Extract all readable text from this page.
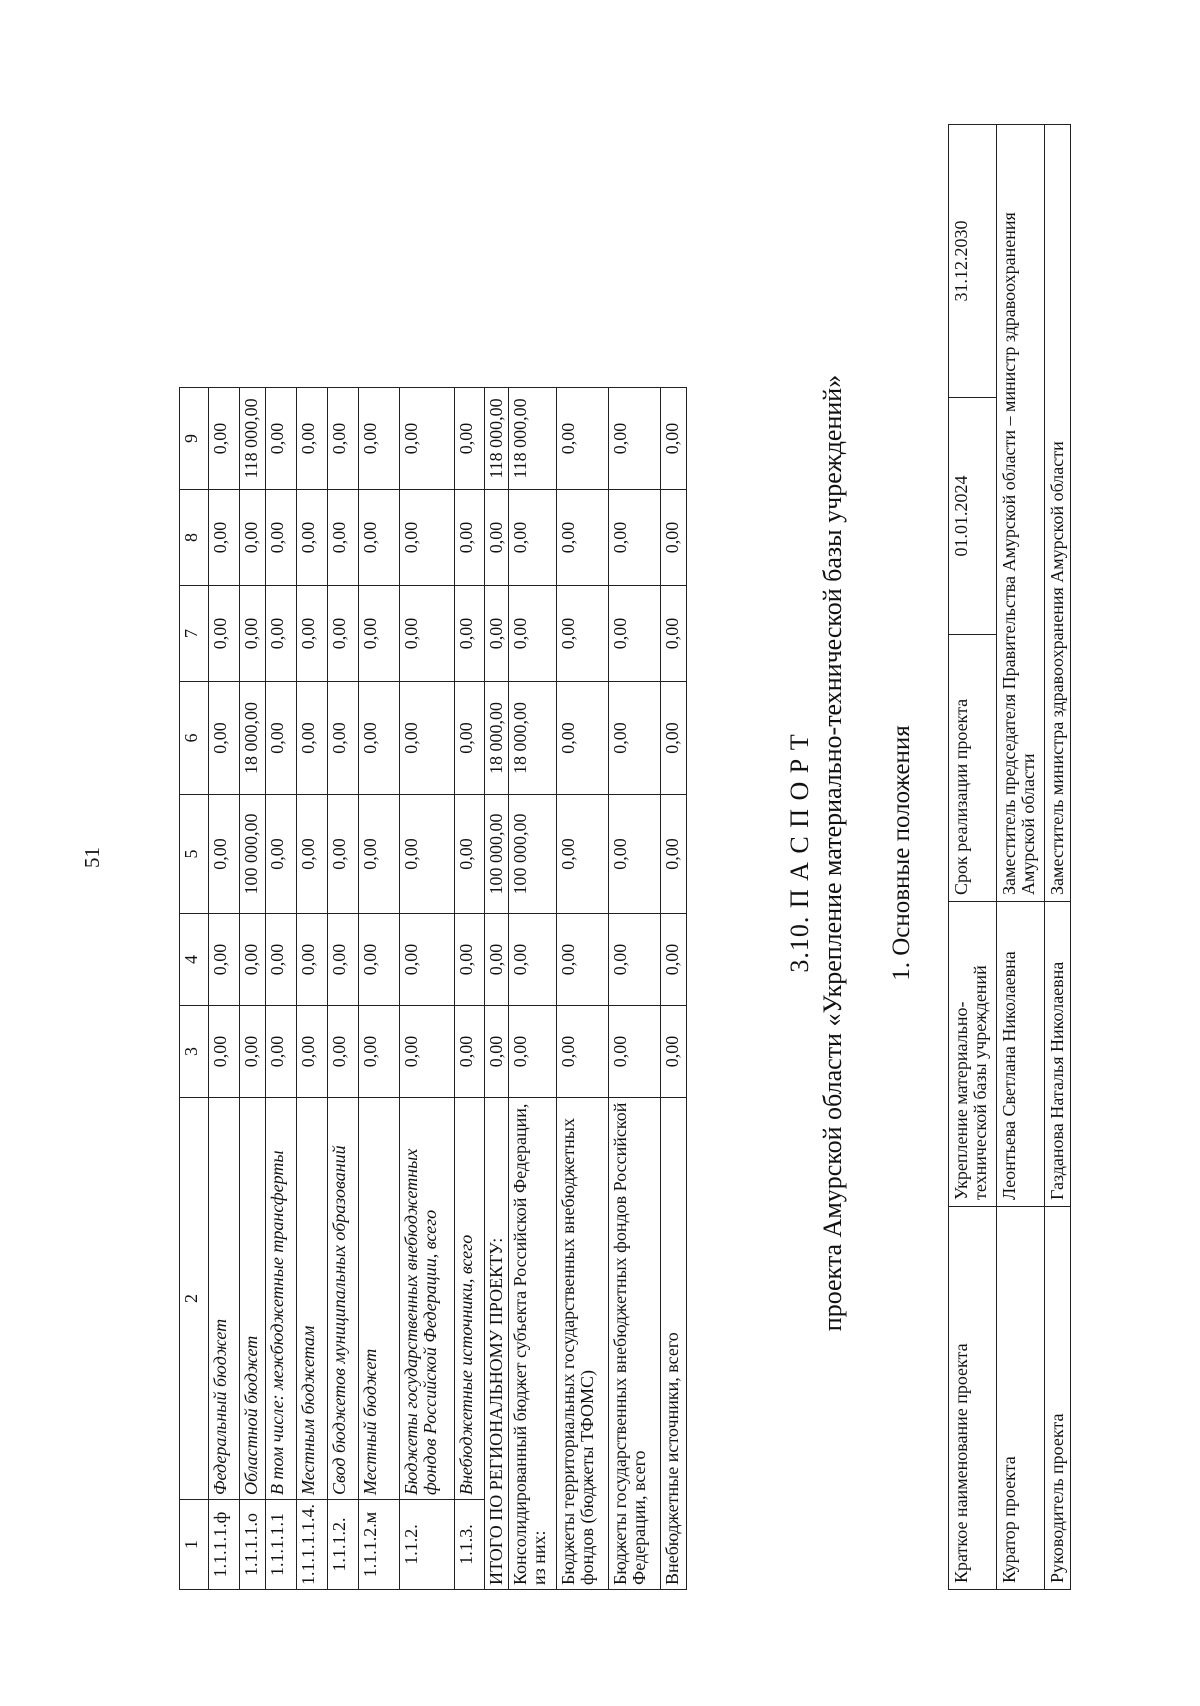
51
1	2	3	4	5	6	7	8	9
1.1.1.1.ф	Федеральный бюджет	0,00	0,00	0,00	0,00	0,00	0,00	0,00
1.1.1.1.о	Областной бюджет	0,00	0,00	100 000,00	18 000,00	0,00	0,00	118 000,00
1.1.1.1.1	В том числе: межбюджетные трансферты	0,00	0,00	0,00	0,00	0,00	0,00	0,00
1.1.1.1.1.4.	Местным бюджетам	0,00	0,00	0,00	0,00	0,00	0,00	0,00
1.1.1.2.	Свод бюджетов муниципальных образований	0,00	0,00	0,00	0,00	0,00	0,00	0,00
1.1.1.2.м	Местный бюджет	0,00	0,00	0,00	0,00	0,00	0,00	0,00
1.1.2.	Бюджеты государственных внебюджетных фондов Российской Федерации, всего	0,00	0,00	0,00	0,00	0,00	0,00	0,00
1.1.3.	Внебюджетные источники, всего	0,00	0,00	0,00	0,00	0,00	0,00	0,00
ИТОГО ПО РЕГИОНАЛЬНОМУ ПРОЕКТУ:		0,00	0,00	100 000,00	18 000,00	0,00	0,00	118 000,00
Консолидированный бюджет субъекта Российской Федерации, из них:		0,00	0,00	100 000,00	18 000,00	0,00	0,00	118 000,00
Бюджеты территориальных государственных внебюджетных фондов (бюджеты ТФОМС)		0,00	0,00	0,00	0,00	0,00	0,00	0,00
Бюджеты государственных внебюджетных фондов Российской Федерации, всего		0,00	0,00	0,00	0,00	0,00	0,00	0,00
Внебюджетные источники, всего		0,00	0,00	0,00	0,00	0,00	0,00	0,00
3.10. П А С П О Р Т проекта Амурской области «Укрепление материально-технической базы учреждений» 1. Основные положения
Краткое наименование проекта	Укрепление материально-технической базы учреждений	Срок реализации проекта	01.01.2024	31.12.2030
Куратор проекта	Леонтьева Светлана Николаевна	Заместитель председателя Правительства Амурской области – министр здравоохранения Амурской области		
Руководитель проекта	Газданова Наталья Николаевна	Заместитель министра здравоохранения Амурской области		
